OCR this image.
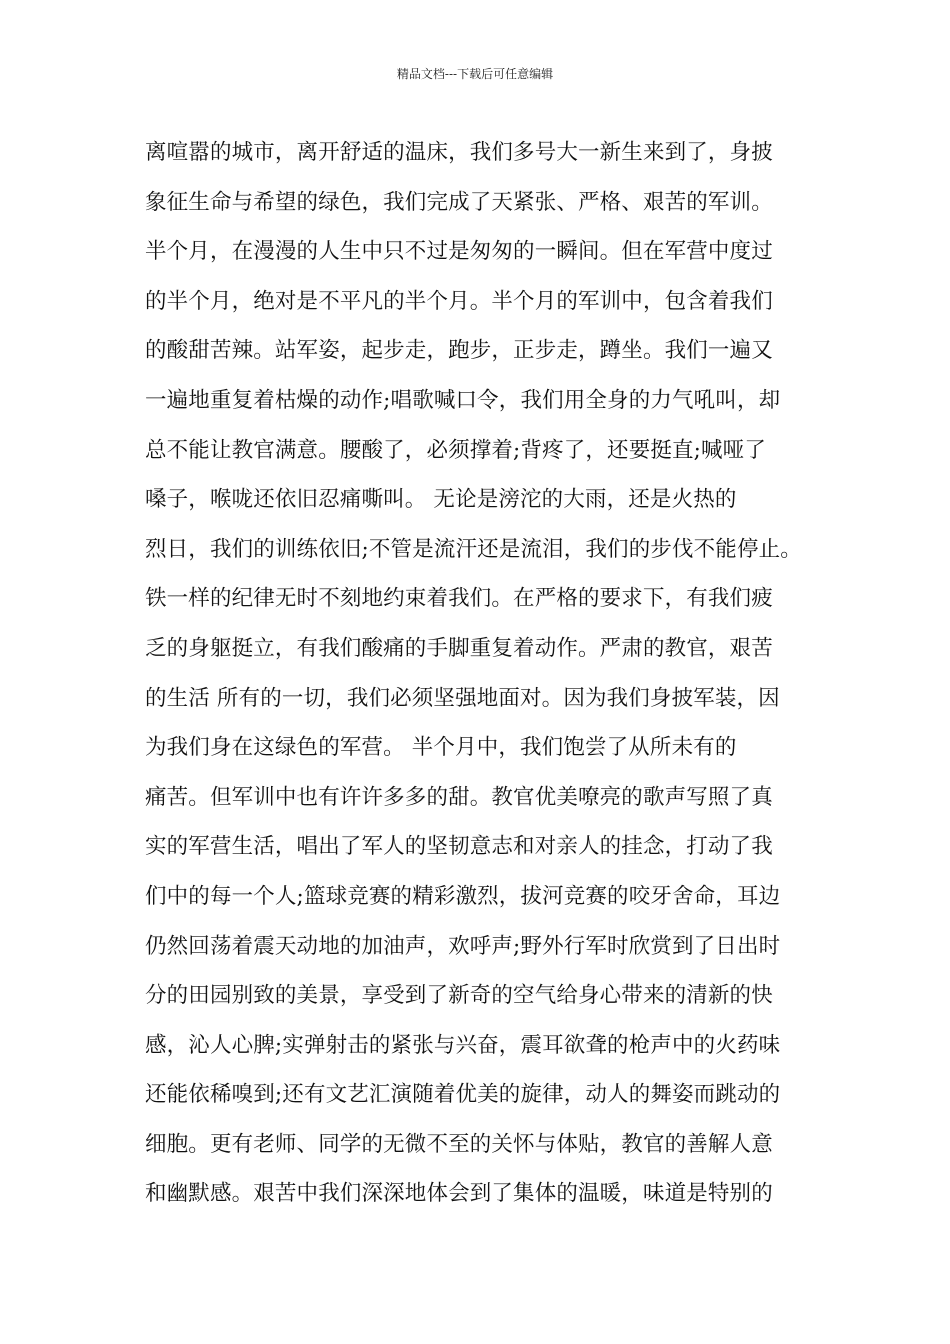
精品文档---下载后可任意编辑
离喧嚣的城市，离开舒适的温床，我们多号大一新生来到了，身披
象征生命与希望的绿色，我们完成了天紧张、严格、艰苦的军训。
半个月，在漫漫的人生中只不过是匆匆的一瞬间。但在军营中度过
的半个月，绝对是不平凡的半个月。半个月的军训中，包含着我们
的酸甜苦辣。站军姿，起步走，跑步，正步走，蹲坐。我们一遍又
一遍地重复着枯燥的动作;唱歌喊口令，我们用全身的力气吼叫，却
总不能让教官满意。腰酸了，必须撑着;背疼了，还要挺直;喊哑了
嗓子，喉咙还依旧忍痛嘶叫。 无论是滂沱的大雨，还是火热的
烈日，我们的训练依旧;不管是流汗还是流泪，我们的步伐不能停止。
铁一样的纪律无时不刻地约束着我们。在严格的要求下，有我们疲
乏的身躯挺立，有我们酸痛的手脚重复着动作。严肃的教官，艰苦
的生活 所有的一切，我们必须坚强地面对。因为我们身披军装，因
为我们身在这绿色的军营。 半个月中，我们饱尝了从所未有的
痛苦。但军训中也有许许多多的甜。教官优美嘹亮的歌声写照了真
实的军营生活，唱出了军人的坚韧意志和对亲人的挂念，打动了我
们中的每一个人;篮球竞赛的精彩激烈，拔河竞赛的咬牙舍命，耳边
仍然回荡着震天动地的加油声，欢呼声;野外行军时欣赏到了日出时
分的田园别致的美景，享受到了新奇的空气给身心带来的清新的快
感，沁人心脾;实弹射击的紧张与兴奋，震耳欲聋的枪声中的火药味
还能依稀嗅到;还有文艺汇演随着优美的旋律，动人的舞姿而跳动的
细胞。更有老师、同学的无微不至的关怀与体贴，教官的善解人意
和幽默感。艰苦中我们深深地体会到了集体的温暖，味道是特别的
